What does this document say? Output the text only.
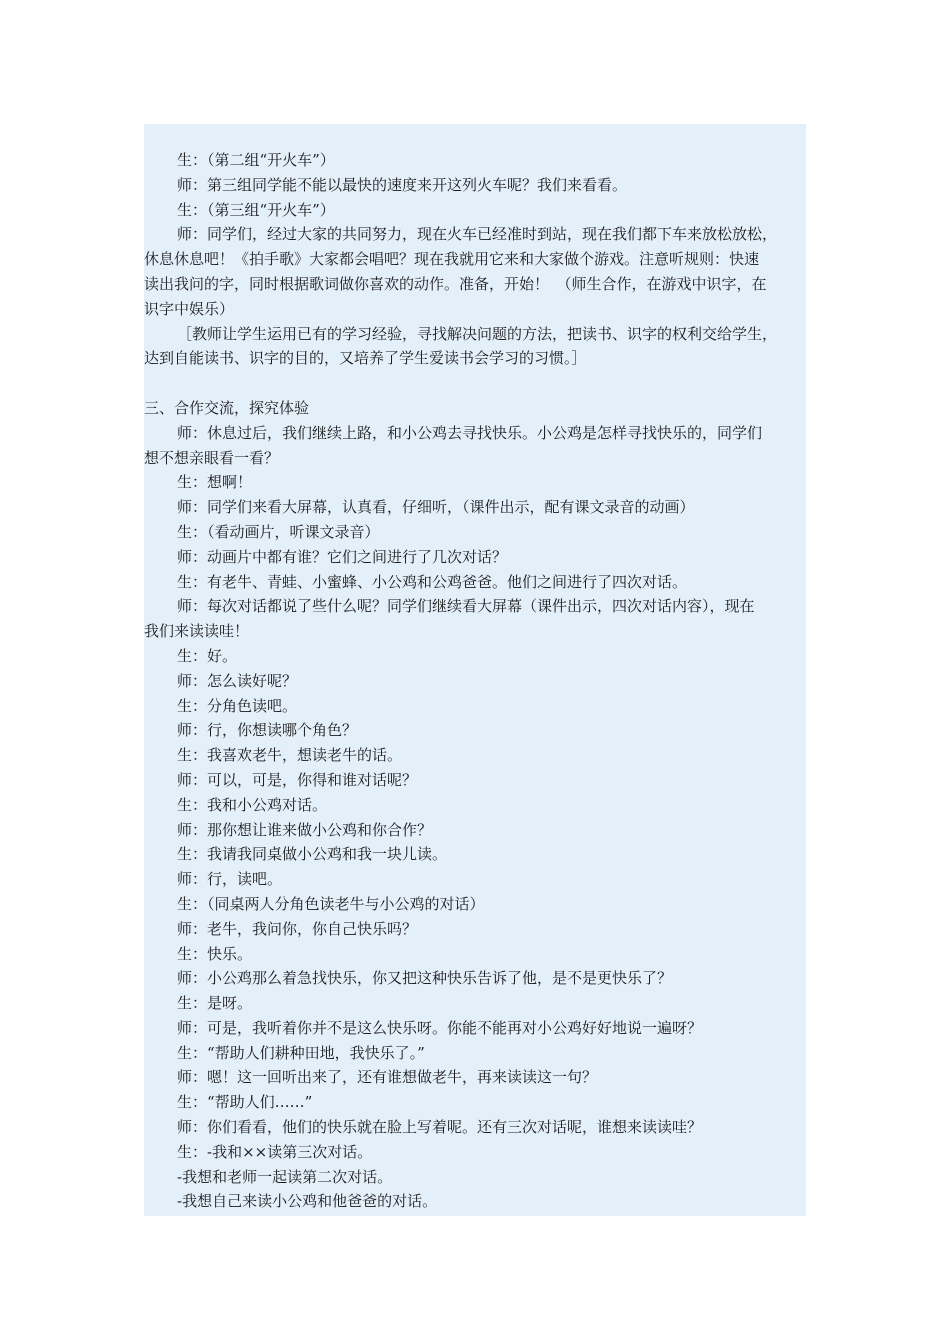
生：（第二组“开火车”）
师：第三组同学能不能以最快的速度来开这列火车呢？我们来看看。
生：（第三组“开火车”）
师：同学们，经过大家的共同努力，现在火车已经准时到站，现在我们都下车来放松放松，
休息休息吧！《拍手歌》大家都会唱吧？现在我就用它来和大家做个游戏。注意听规则：快速
读出我问的字，同时根据歌词做你喜欢的动作。准备，开始！　（师生合作，在游戏中识字，在
识字中娱乐）
［教师让学生运用已有的学习经验，寻找解决问题的方法，把读书、识字的权利交给学生，
达到自能读书、识字的目的，又培养了学生爱读书会学习的习惯。］
三、合作交流，探究体验
师：休息过后，我们继续上路，和小公鸡去寻找快乐。小公鸡是怎样寻找快乐的，同学们
想不想亲眼看一看？
生：想啊！
师：同学们来看大屏幕，认真看，仔细听，（课件出示，配有课文录音的动画）
生：（看动画片，听课文录音）
师：动画片中都有谁？它们之间进行了几次对话？
生：有老牛、青蛙、小蜜蜂、小公鸡和公鸡爸爸。他们之间进行了四次对话。
师：每次对话都说了些什么呢？同学们继续看大屏幕（课件出示，四次对话内容），现在
我们来读读哇！
生：好。
师：怎么读好呢？
生：分角色读吧。
师：行，你想读哪个角色？
生：我喜欢老牛，想读老牛的话。
师：可以，可是，你得和谁对话呢？
生：我和小公鸡对话。
师：那你想让谁来做小公鸡和你合作？
生：我请我同桌做小公鸡和我一块儿读。
师：行，读吧。
生：（同桌两人分角色读老牛与小公鸡的对话）
师：老牛，我问你，你自己快乐吗？
生：快乐。
师：小公鸡那么着急找快乐，你又把这种快乐告诉了他，是不是更快乐了？
生：是呀。
师：可是，我听着你并不是这么快乐呀。你能不能再对小公鸡好好地说一遍呀？
生：“帮助人们耕种田地，我快乐了。”
师：嗯！这一回听出来了，还有谁想做老牛，再来读读这一句？
生：“帮助人们……”
师：你们看看，他们的快乐就在脸上写着呢。还有三次对话呢，谁想来读读哇？
生：-我和××读第三次对话。
-我想和老师一起读第二次对话。
-我想自己来读小公鸡和他爸爸的对话。
